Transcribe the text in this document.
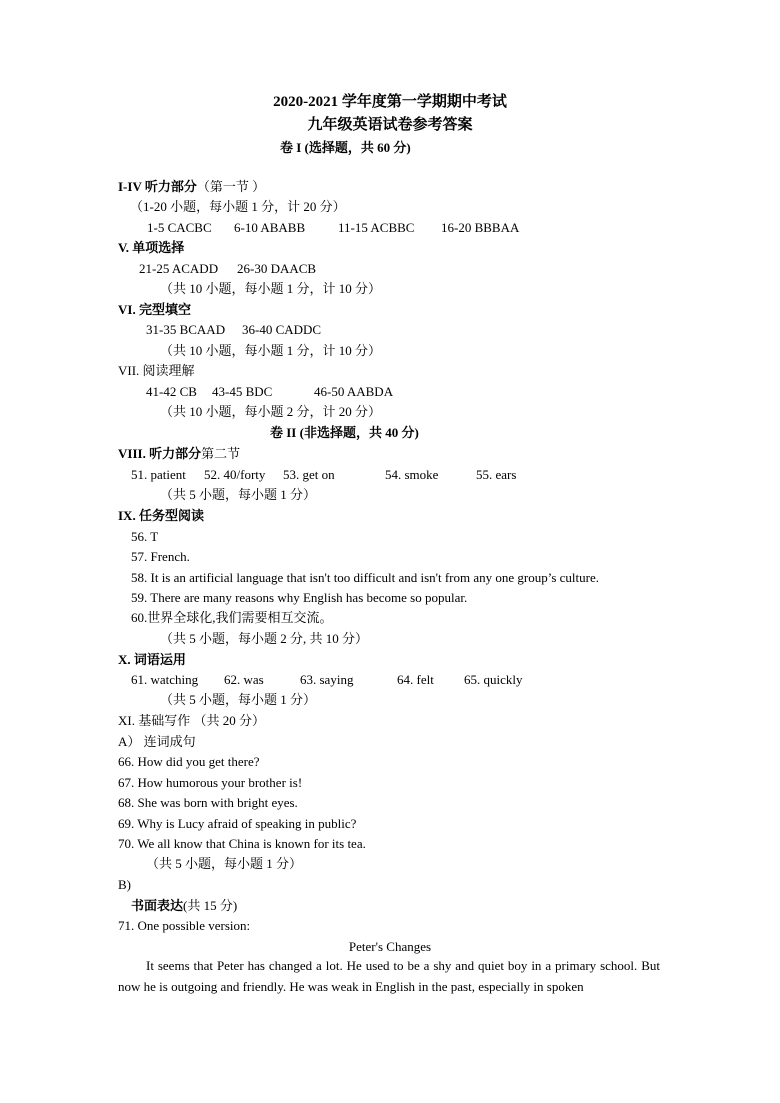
2020-2021 学年度第一学期期中考试
九年级英语试卷参考答案
卷 I (选择题，共 60 分)
I-IV 听力部分（第一节 ）
（1-20 小题，每小题 1 分，计 20 分）
1-5 CACBC 6-10 ABABB	11-15 ACBBC 16-20 BBBAA
V. 单项选择
21-25 ACADD 26-30 DAACB
（共 10 小题，每小题 1 分，计 10 分）
VI. 完型填空
31-35 BCAAD 36-40 CADDC
（共 10 小题，每小题 1 分，计 10 分）
VII. 阅读理解
41-42 CB 43-45 BDC	46-50 AABDA
（共 10 小题，每小题 2 分，计 20 分）
卷 II (非选择题，共 40 分)
VIII. 听力部分第二节
51. patient 52. 40/forty 53. get on	54. smoke	55. ears
（共 5 小题，每小题 1 分）
IX. 任务型阅读
56. T
57. French.
58. It is an artificial language that isn't too difficult and isn't from any one group’s culture.
59. There are many reasons why English has become so popular.
60.世界全球化,我们需要相互交流。
（共 5 小题，每小题 2 分, 共 10 分）
X. 词语运用
61. watching 62. was	63. saying	64. felt 65. quickly
（共 5 小题，每小题 1 分）
XI. 基础写作 （共 20 分）
A） 连词成句
66. How did you get there?
67. How humorous your brother is!
68. She was born with bright eyes.
69. Why is Lucy afraid of speaking in public?
70. We all know that China is known for its tea.
（共 5 小题，每小题 1 分）
B)
书面表达(共 15 分)
71. One possible version:
Peter's Changes
It seems that Peter has changed a lot. He used to be a shy and quiet boy in a primary school. But now he is outgoing and friendly. He was weak in English in the past, especially in spoken
